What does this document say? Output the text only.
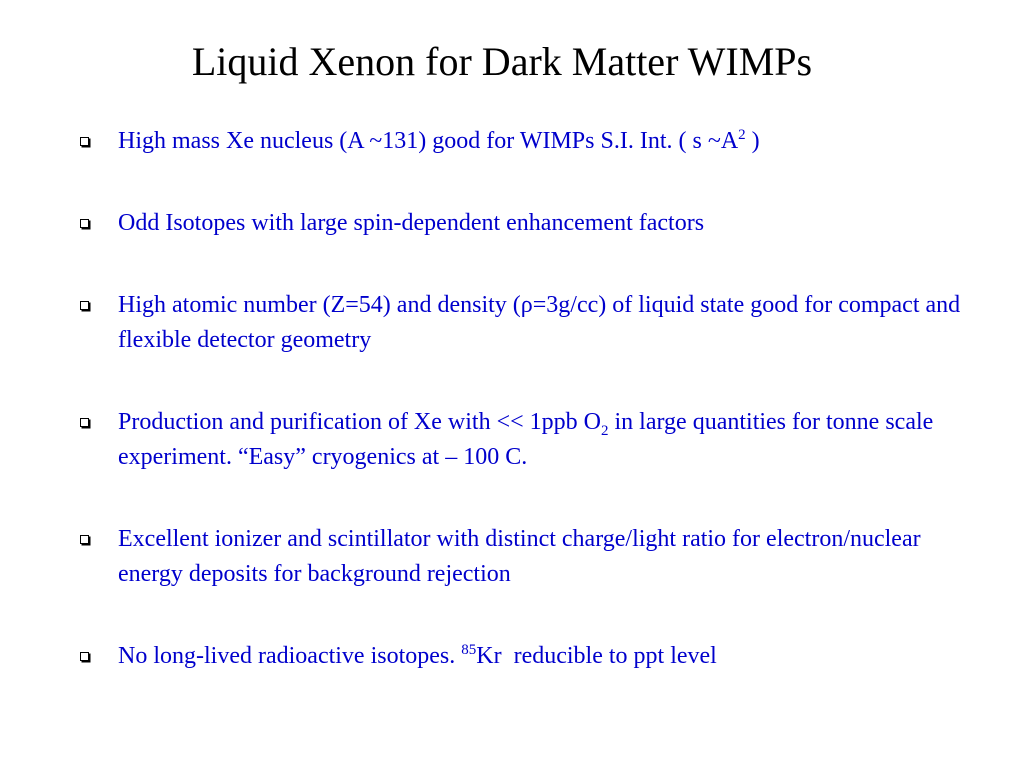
Liquid Xenon for Dark Matter WIMPs
High mass Xe nucleus (A ~131) good for WIMPs S.I. Int. ( s $\sim A^2$ )
Odd Isotopes with large spin-dependent enhancement factors
High atomic number (Z=54) and density (ρ=3g/cc) of liquid state good for compact and flexible detector geometry
Production and purification of Xe with << 1ppb $O_2$ in large quantities for tonne scale experiment. “Easy” cryogenics at – 100 C.
Excellent ionizer and scintillator with distinct charge/light ratio for electron/nuclear energy deposits for background rejection
No long-lived radioactive isotopes. $^{85}$Kr  reducible to ppt level
